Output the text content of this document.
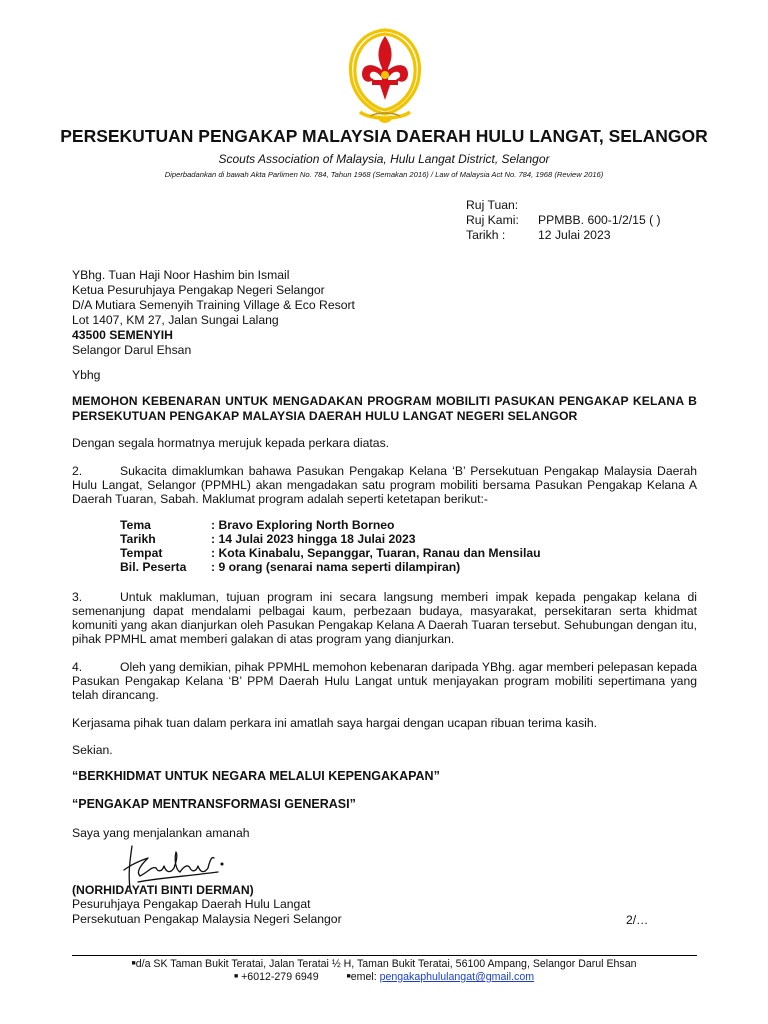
PERSEKUTUAN PENGAKAP MALAYSIA DAERAH HULU LANGAT, SELANGOR
Scouts Association of Malaysia, Hulu Langat District, Selangor
Diperbadankan di bawah Akta Parlimen No. 784, Tahun 1968 (Semakan 2016) / Law of Malaysia Act No. 784, 1968 (Review 2016)
Ruj Tuan:
Ruj Kami:	PPMBB. 600-1/2/15 ( )
Tarikh :	12 Julai 2023
YBhg. Tuan Haji Noor Hashim bin Ismail
Ketua Pesuruhjaya Pengakap Negeri Selangor
D/A Mutiara Semenyih Training Village & Eco Resort
Lot 1407, KM 27, Jalan Sungai Lalang
43500 SEMENYIH
Selangor Darul Ehsan
Ybhg
MEMOHON KEBENARAN UNTUK MENGADAKAN PROGRAM MOBILITI PASUKAN PENGAKAP KELANA B PERSEKUTUAN PENGAKAP MALAYSIA DAERAH HULU LANGAT NEGERI SELANGOR
Dengan segala hormatnya merujuk kepada perkara diatas.
2.	Sukacita dimaklumkan bahawa Pasukan Pengakap Kelana ‘B’ Persekutuan Pengakap Malaysia Daerah Hulu Langat, Selangor (PPMHL) akan mengadakan satu program mobiliti bersama Pasukan Pengakap Kelana A Daerah Tuaran, Sabah. Maklumat program adalah seperti ketetapan berikut:-
Tema	: Bravo Exploring North Borneo
Tarikh	: 14 Julai 2023 hingga 18 Julai 2023
Tempat	: Kota Kinabalu, Sepanggar, Tuaran, Ranau dan Mensilau
Bil. Peserta	: 9 orang (senarai nama seperti dilampiran)
3.	Untuk makluman, tujuan program ini secara langsung memberi impak kepada pengakap kelana di semenanjung dapat mendalami pelbagai kaum, perbezaan budaya, masyarakat, persekitaran serta khidmat komuniti yang akan dianjurkan oleh Pasukan Pengakap Kelana A Daerah Tuaran tersebut. Sehubungan dengan itu, pihak PPMHL amat memberi galakan di atas program yang dianjurkan.
4.	Oleh yang demikian, pihak PPMHL memohon kebenaran daripada YBhg. agar memberi pelepasan kepada Pasukan Pengakap Kelana ‘B’ PPM Daerah Hulu Langat untuk menjayakan program mobiliti sepertimana yang telah dirancang.
Kerjasama pihak tuan dalam perkara ini amatlah saya hargai dengan ucapan ribuan terima kasih.
Sekian.
“BERKHIDMAT UNTUK NEGARA MELALUI KEPENGAKAPAN”
“PENGAKAP MENTRANSFORMASI GENERASI”
Saya yang menjalankan amanah
(NORHIDAYATI BINTI DERMAN)
Pesuruhjaya Pengakap Daerah Hulu Langat
Persekutuan Pengakap Malaysia Negeri Selangor	2/…
■d/a SK Taman Bukit Teratai, Jalan Teratai ½ H, Taman Bukit Teratai, 56100 Ampang, Selangor Darul Ehsan
■ +6012-279 6949	■emel: pengakaphululangat@gmail.com
